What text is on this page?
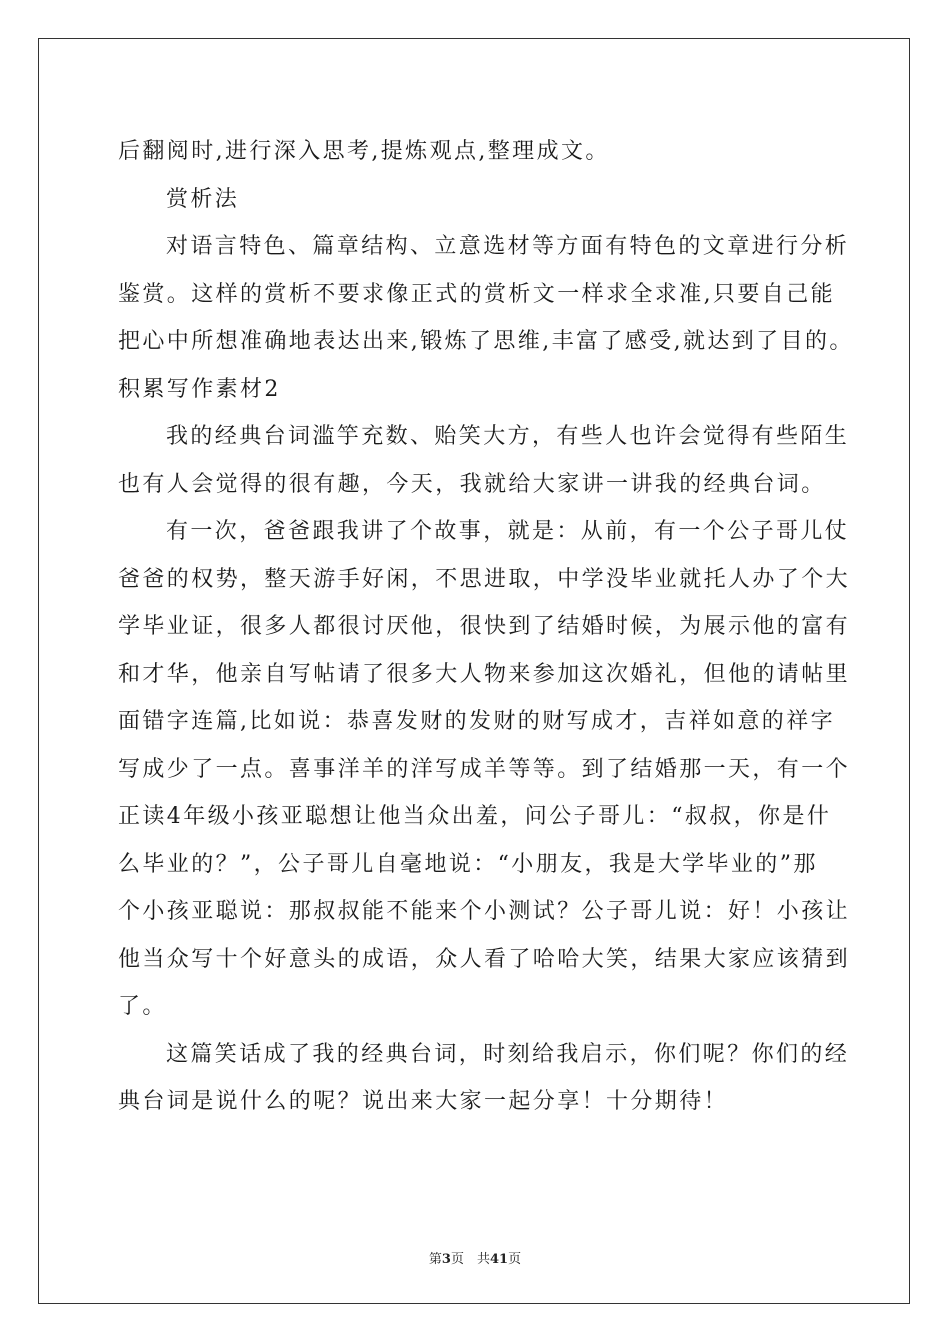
后翻阅时,进行深入思考,提炼观点,整理成文。
赏析法
对语言特色、篇章结构、立意选材等方面有特色的文章进行分析
鉴赏。这样的赏析不要求像正式的赏析文一样求全求准,只要自己能
把心中所想准确地表达出来,锻炼了思维,丰富了感受,就达到了目的。
积累写作素材2
我的经典台词滥竽充数、贻笑大方，有些人也许会觉得有些陌生
也有人会觉得的很有趣，今天，我就给大家讲一讲我的经典台词。
有一次，爸爸跟我讲了个故事，就是：从前，有一个公子哥儿仗
爸爸的权势，整天游手好闲，不思进取，中学没毕业就托人办了个大
学毕业证，很多人都很讨厌他，很快到了结婚时候，为展示他的富有
和才华，他亲自写帖请了很多大人物来参加这次婚礼，但他的请帖里
面错字连篇,比如说：恭喜发财的发财的财写成才，吉祥如意的祥字
写成少了一点。喜事洋羊的洋写成羊等等。到了结婚那一天，有一个
正读4年级小孩亚聪想让他当众出羞，问公子哥儿：“叔叔，你是什
么毕业的？”，公子哥儿自毫地说：“小朋友，我是大学毕业的”那
个小孩亚聪说：那叔叔能不能来个小测试？公子哥儿说：好！小孩让
他当众写十个好意头的成语，众人看了哈哈大笑，结果大家应该猜到
了。
这篇笑话成了我的经典台词，时刻给我启示，你们呢？你们的经
典台词是说什么的呢？说出来大家一起分享！十分期待！
第3页　共41页
